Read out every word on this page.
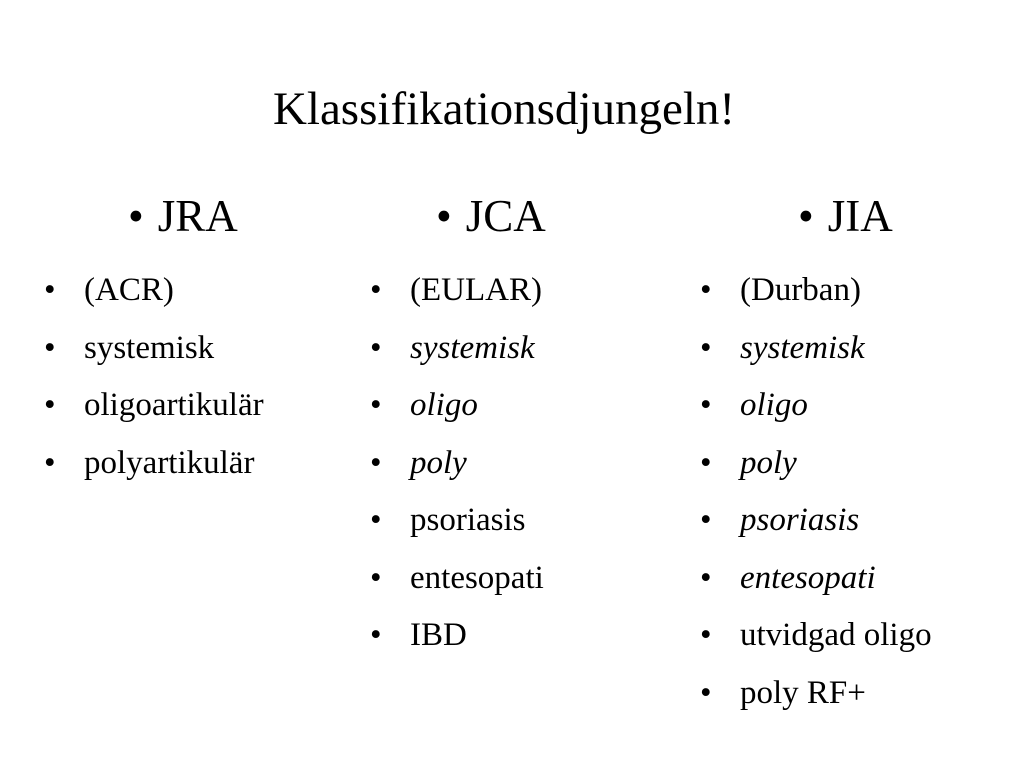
Klassifikationsdjungeln!
• JRA
• (ACR)
• systemisk
• oligoartikulär
• polyartikulär
• JCA
• (EULAR)
• systemisk
• oligo
• poly
• psoriasis
• entesopati
• IBD
• JIA
• (Durban)
• systemisk
• oligo
• poly
• psoriasis
• entesopati
• utvidgad oligo
• poly RF+
